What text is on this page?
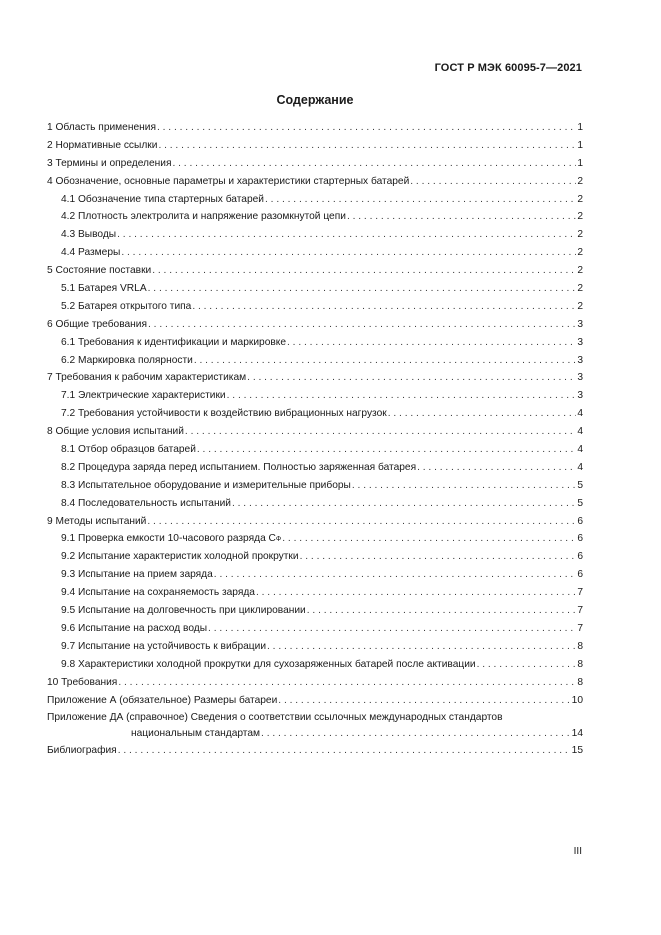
ГОСТ Р МЭК 60095-7—2021
Содержание
1 Область применения . . .	1
2 Нормативные ссылки . . .	1
3 Термины и определения . . .	1
4 Обозначение, основные параметры и характеристики стартерных батарей . . .	2
4.1 Обозначение типа стартерных батарей . . .	2
4.2 Плотность электролита и напряжение разомкнутой цепи . . .	2
4.3 Выводы . . .	2
4.4 Размеры . . .	2
5 Состояние поставки . . .	2
5.1 Батарея VRLA . . .	2
5.2 Батарея открытого типа . . .	2
6 Общие требования . . .	3
6.1 Требования к идентификации и маркировке . . .	3
6.2 Маркировка полярности . . .	3
7 Требования к рабочим характеристикам . . .	3
7.1 Электрические характеристики . . .	3
7.2 Требования устойчивости к воздействию вибрационных нагрузок . . .	4
8 Общие условия испытаний . . .	4
8.1 Отбор образцов батарей . . .	4
8.2 Процедура заряда перед испытанием. Полностью заряженная батарея . . .	4
8.3 Испытательное оборудование и измерительные приборы . . .	5
8.4 Последовательность испытаний . . .	5
9 Методы испытаний . . .	6
9.1 Проверка емкости 10-часового разряда C Ф . . .	6
9.2 Испытание характеристик холодной прокрутки . . .	6
9.3 Испытание на прием заряда . . .	6
9.4 Испытание на сохраняемость заряда . . .	7
9.5 Испытание на долговечность при циклировании . . .	7
9.6 Испытание на расход воды . . .	7
9.7 Испытание на устойчивость к вибрации . . .	8
9.8 Характеристики холодной прокрутки для сухозаряженных батарей после активации . . .	8
10 Требования . . .	8
Приложение А (обязательное) Размеры батареи . . .	10
Приложение ДА (справочное) Сведения о соответствии ссылочных международных стандартов
национальным стандартам . . .	14
Библиография . . .	15
III
